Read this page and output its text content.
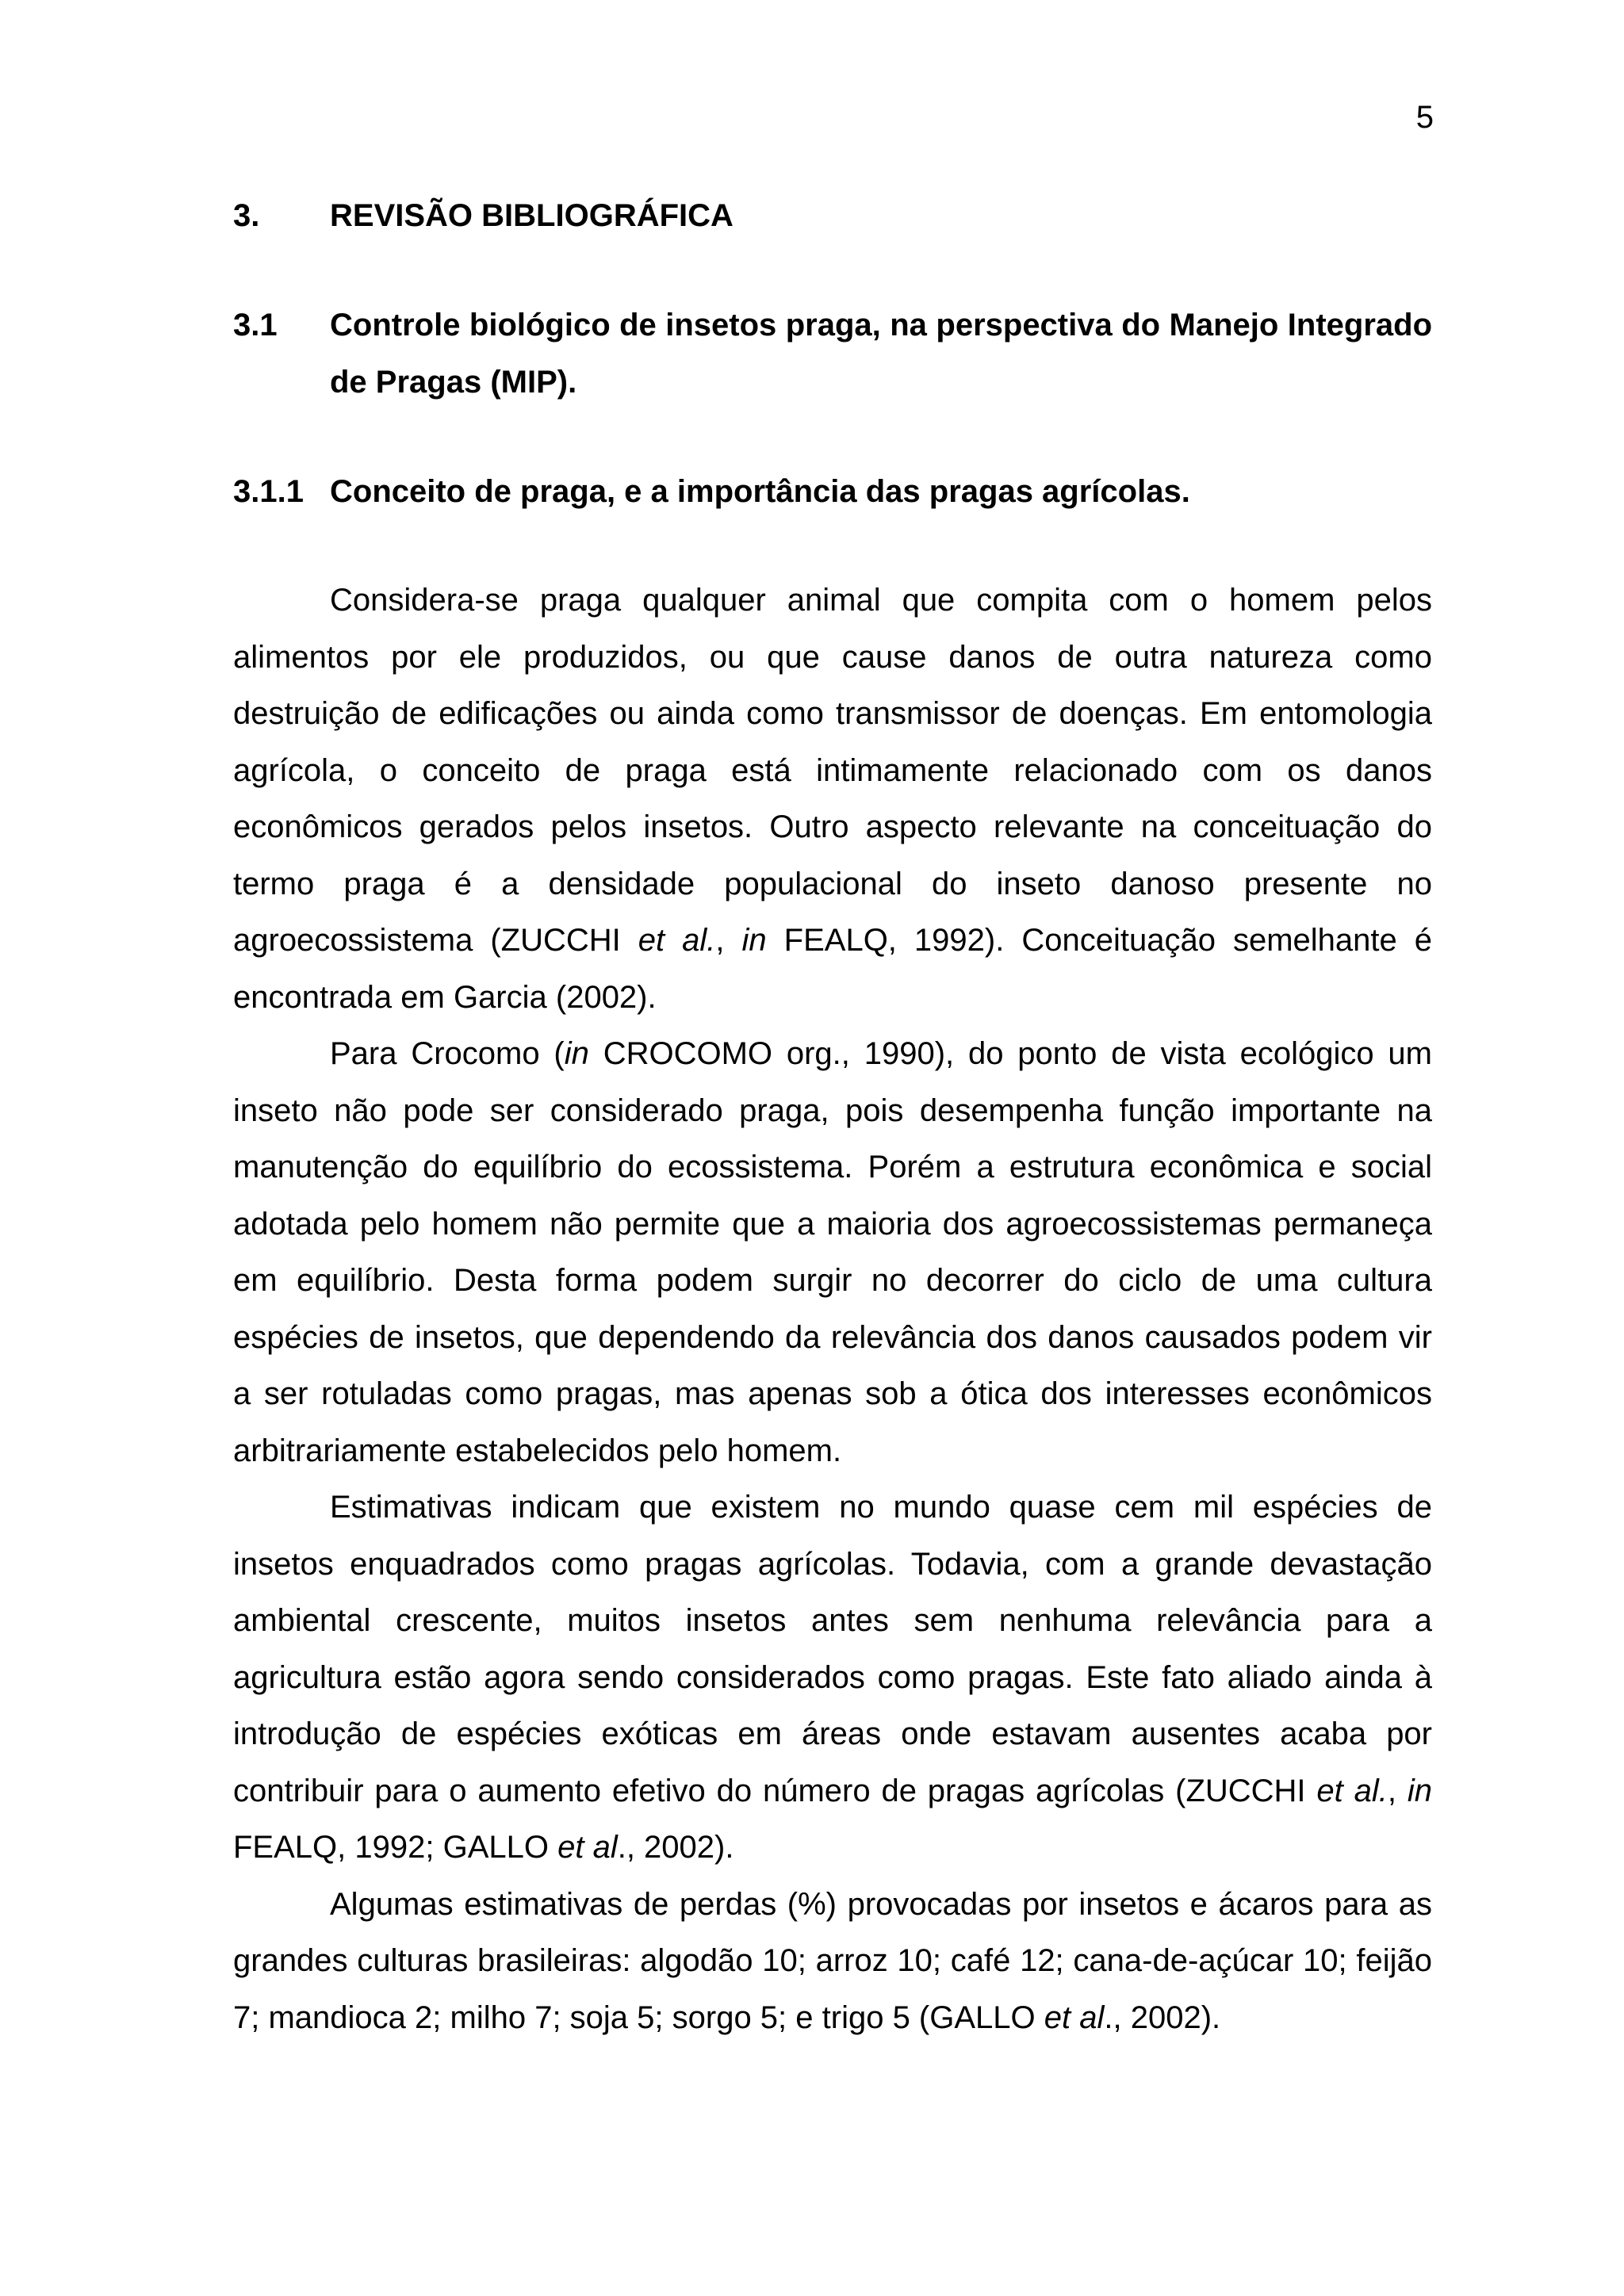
5
3.	REVISÃO BIBLIOGRÁFICA
3.1	Controle biológico de insetos praga, na perspectiva do Manejo Integrado de Pragas (MIP).
3.1.1 Conceito de praga, e a importância das pragas agrícolas.

Considera-se praga qualquer animal que compita com o homem pelos alimentos por ele produzidos, ou que cause danos de outra natureza como destruição de edificações ou ainda como transmissor de doenças. Em entomologia agrícola, o conceito de praga está intimamente relacionado com os danos econômicos gerados pelos insetos. Outro aspecto relevante na conceituação do termo praga é a densidade populacional do inseto danoso presente no agroecossistema (ZUCCHI et al., in FEALQ, 1992). Conceituação semelhante é encontrada em Garcia (2002).

Para Crocomo (in CROCOMO org., 1990), do ponto de vista ecológico um inseto não pode ser considerado praga, pois desempenha função importante na manutenção do equilíbrio do ecossistema. Porém a estrutura econômica e social adotada pelo homem não permite que a maioria dos agroecossistemas permaneça em equilíbrio. Desta forma podem surgir no decorrer do ciclo de uma cultura espécies de insetos, que dependendo da relevância dos danos causados podem vir a ser rotuladas como pragas, mas apenas sob a ótica dos interesses econômicos arbitrariamente estabelecidos pelo homem.

Estimativas indicam que existem no mundo quase cem mil espécies de insetos enquadrados como pragas agrícolas. Todavia, com a grande devastação ambiental crescente, muitos insetos antes sem nenhuma relevância para a agricultura estão agora sendo considerados como pragas. Este fato aliado ainda à introdução de espécies exóticas em áreas onde estavam ausentes acaba por contribuir para o aumento efetivo do número de pragas agrícolas (ZUCCHI et al., in FEALQ, 1992; GALLO et al., 2002).

Algumas estimativas de perdas (%) provocadas por insetos e ácaros para as grandes culturas brasileiras: algodão 10; arroz 10; café 12; cana-de-açúcar 10; feijão 7; mandioca 2; milho 7; soja 5; sorgo 5; e trigo 5 (GALLO et al., 2002).
